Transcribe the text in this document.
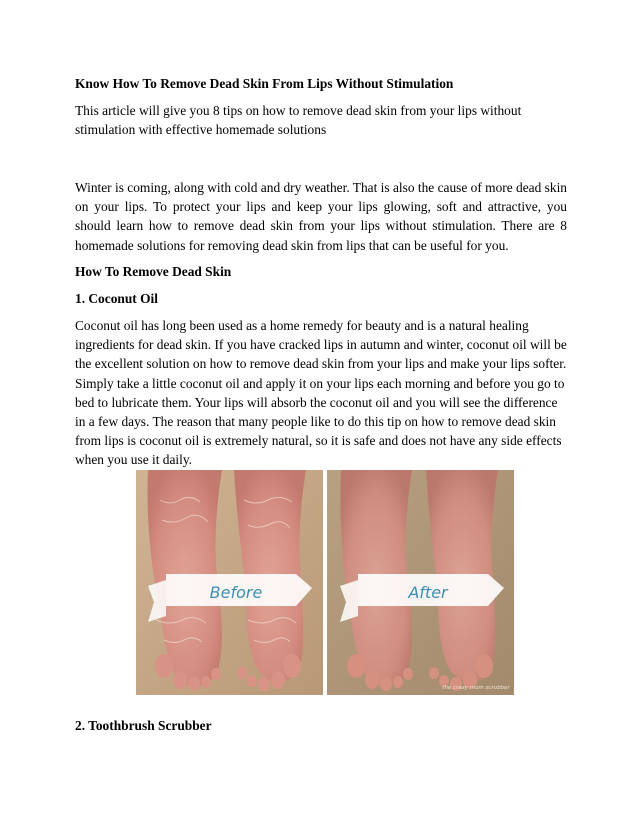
Know How To Remove Dead Skin From Lips Without Stimulation

This article will give you 8 tips on how to remove dead skin from your lips without stimulation with effective homemade solutions

Winter is coming, along with cold and dry weather. That is also the cause of more dead skin on your lips. To protect your lips and keep your lips glowing, soft and attractive, you should learn how to remove dead skin from your lips without stimulation. There are 8 homemade solutions for removing dead skin from lips that can be useful for you.

How To Remove Dead Skin

1. Coconut Oil

Coconut oil has long been used as a home remedy for beauty and is a natural healing ingredients for dead skin. If you have cracked lips in autumn and winter, coconut oil will be the excellent solution on how to remove dead skin from your lips and make your lips softer. Simply take a little coconut oil and apply it on your lips each morning and before you go to bed to lubricate them. Your lips will absorb the coconut oil and you will see the difference in a few days. The reason that many people like to do this tip on how to remove dead skin from lips is coconut oil is extremely natural, so it is safe and does not have any side effects when you use it daily.

Before	After
the crazy mom scrubber

2. Toothbrush Scrubber
